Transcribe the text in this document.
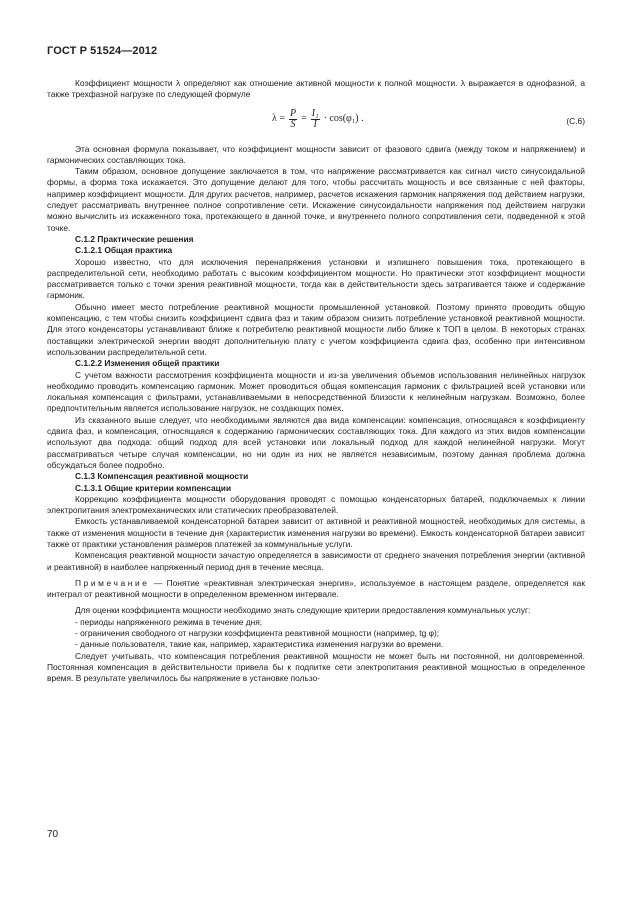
ГОСТ Р 51524—2012

Коэффициент мощности λ определяют как отношение активной мощности к полной мощности. λ выражается в однофазной, а также трехфазной нагрузке по следующей формуле

$\lambda = \frac{P}{S} = \frac{\text{I₁}}{I} \cdot \cos(\varphi_1)$ .	(C.6)

Эта основная формула показывает, что коэффициент мощности зависит от фазового сдвига (между током и напряжением) и гармонических составляющих тока.

Таким образом, основное допущение заключается в том, что напряжение рассматривается как сигнал чисто синусоидальной формы, а форма тока искажается. Это допущение делают для того, чтобы рассчитать мощность и все связанные с ней факторы, например коэффициент мощности. Для других расчетов, например, расчетов искажения гармоник напряжения под действием нагрузки, следует рассматривать внутреннее полное сопротивление сети. Искажение синусоидальности напряжения под действием нагрузки можно вычислить из искаженного тока, протекающего в данной точке, и внутреннего полного сопротивления сети, подведенной к этой точке.

С.1.2 Практические решения

С.1.2.1 Общая практика

Хорошо известно, что для исключения перенапряжения установки и излишнего повышения тока, протекающего в распределительной сети, необходимо работать с высоким коэффициентом мощности. Но практически этот коэффициент мощности рассматривается только с точки зрения реактивной мощности, тогда как в действительности здесь затрагивается также и содержание гармоник.

Обычно имеет место потребление реактивной мощности промышленной установкой. Поэтому принято проводить общую компенсацию, с тем чтобы снизить коэффициент сдвига фаз и таким образом снизить потребление установкой реактивной мощности. Для этого конденсаторы устанавливают ближе к потребителю реактивной мощности либо ближе к ТОП в целом. В некоторых странах поставщики электрической энергии вводят дополнительную плату с учетом коэффициента сдвига фаз, особенно при интенсивном использовании распределительной сети.

С.1.2.2 Изменения общей практики

С учетом важности рассмотрения коэффициента мощности и из-за увеличения объемов использования нелинейных нагрузок необходимо проводить компенсацию гармоник. Может проводиться общая компенсация гармоник с фильтрацией всей установки или локальная компенсация с фильтрами, устанавливаемыми в непосредственной близости к нелинейным нагрузкам. Возможно, более предпочтительным является использование нагрузок, не создающих помех.

Из сказанного выше следует, что необходимыми являются два вида компенсации: компенсация, относящаяся к коэффициенту сдвига фаз, и компенсация, относящаяся к содержанию гармонических составляющих тока. Для каждого из этих видов компенсации используют два подхода: общий подход для всей установки или локальный подход для каждой нелинейной нагрузки. Могут рассматриваться четыре случая компенсации, но ни один из них не является независимым, поэтому данная проблема должна обсуждаться более подробно.

С.1.3 Компенсация реактивной мощности

С.1.3.1 Общие критерии компенсации

Коррекцию коэффициента мощности оборудования проводят с помощью конденсаторных батарей, подключаемых к линии электропитания электромеханических или статических преобразователей.

Емкость устанавливаемой конденсаторной батареи зависит от активной и реактивной мощностей, необходимых для системы, а также от изменения мощности в течение дня (характеристик изменения нагрузки во времени). Емкость конденсаторной батареи зависит также от практики установления размеров платежей за коммунальные услуги.

Компенсация реактивной мощности зачастую определяется в зависимости от среднего значения потребления энергии (активной и реактивной) в наиболее напряженный период дня в течение месяца.

Примечание — Понятие «реактивная электрическая энергия», используемое в настоящем разделе, определяется как интеграл от реактивной мощности в определенном временном интервале.

Для оценки коэффициента мощности необходимо знать следующие критерии предоставления коммунальных услуг:

- периоды напряженного режима в течение дня;

- ограничения свободного от нагрузки коэффициента реактивной мощности (например, tg φ);

- данные пользователя, такие как, например, характеристика изменения нагрузки во времени.

Следует учитывать, что компенсация потребления реактивной мощности не может быть ни постоянной, ни долговременной. Постоянная компенсация в действительности привела бы к подпитке сети электропитания реактивной мощностью в определенное время. В результате увеличилось бы напряжение в установке пользо-

70
